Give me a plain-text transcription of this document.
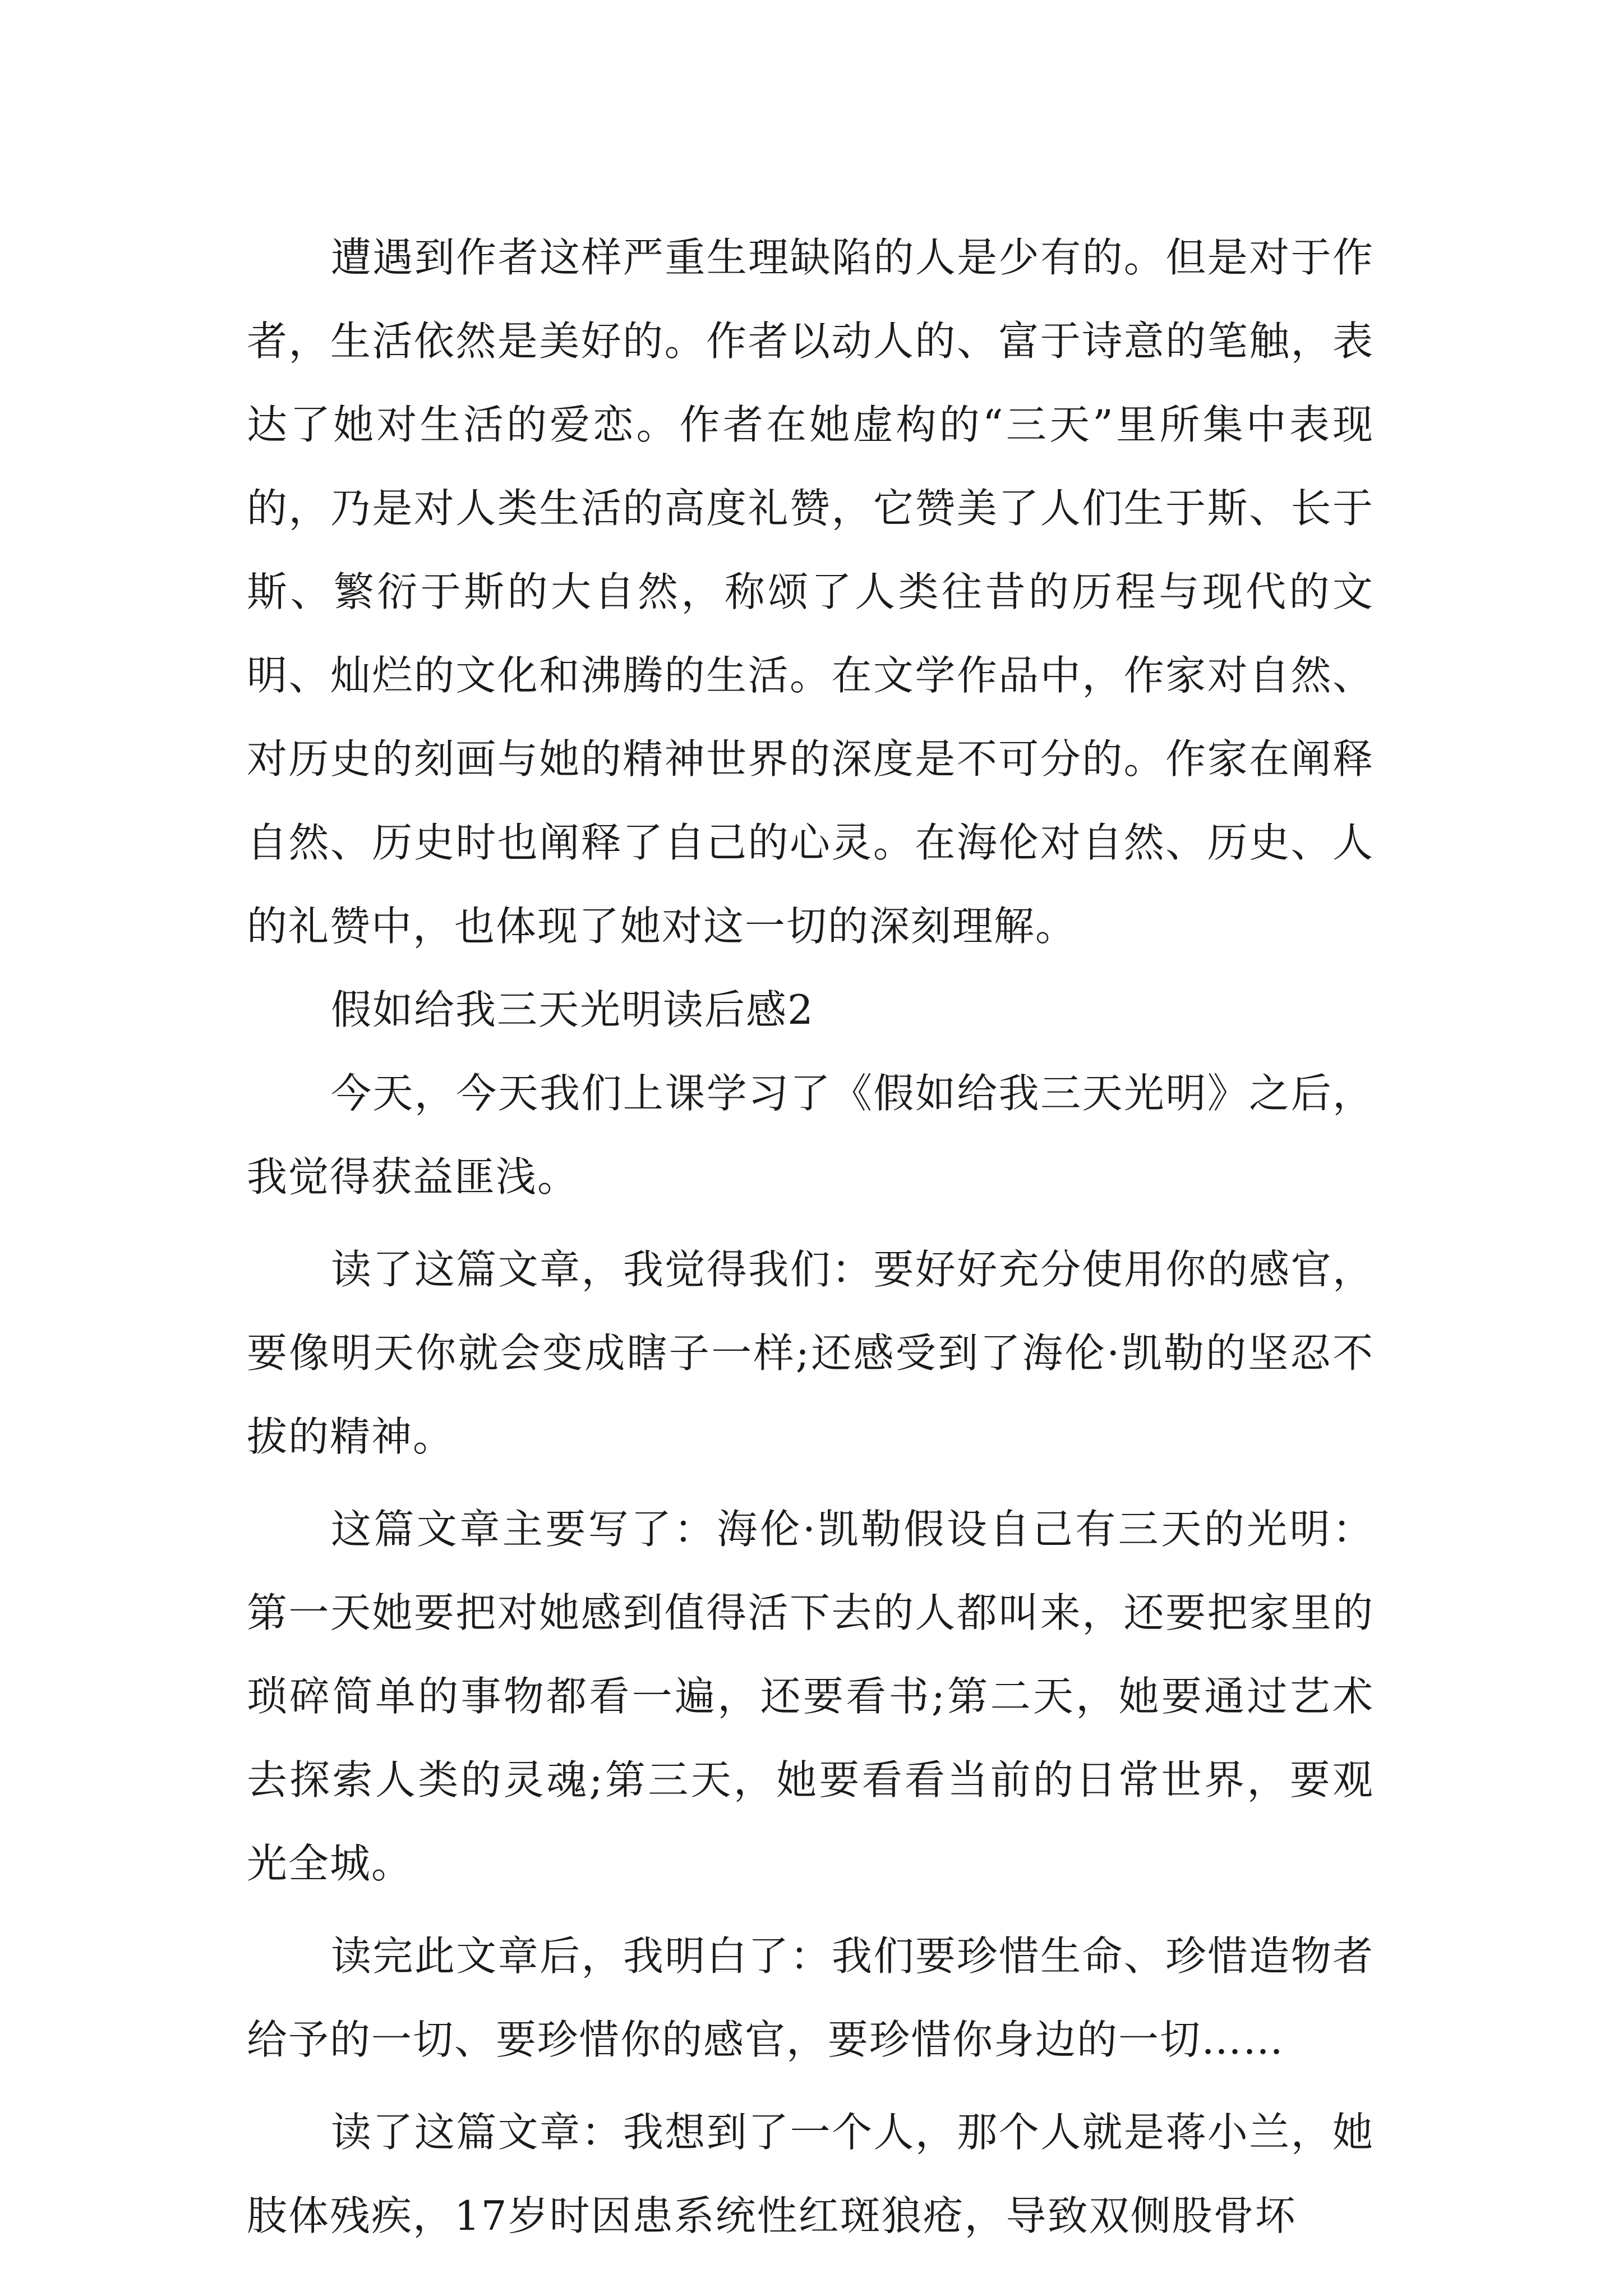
遭遇到作者这样严重生理缺陷的人是少有的。但是对于作者，生活依然是美好的。作者以动人的、富于诗意的笔触，表达了她对生活的爱恋。作者在她虚构的“三天”里所集中表现的，乃是对人类生活的高度礼赞，它赞美了人们生于斯、长于斯、繁衍于斯的大自然，称颂了人类往昔的历程与现代的文明、灿烂的文化和沸腾的生活。在文学作品中，作家对自然、对历史的刻画与她的精神世界的深度是不可分的。作家在阐释自然、历史时也阐释了自己的心灵。在海伦对自然、历史、人的礼赞中，也体现了她对这一切的深刻理解。

假如给我三天光明读后感2

今天，今天我们上课学习了《假如给我三天光明》之后，我觉得获益匪浅。

读了这篇文章，我觉得我们：要好好充分使用你的感官，要像明天你就会变成瞎子一样;还感受到了海伦·凯勒的坚忍不拔的精神。

这篇文章主要写了：海伦·凯勒假设自己有三天的光明：第一天她要把对她感到值得活下去的人都叫来，还要把家里的琐碎简单的事物都看一遍，还要看书;第二天，她要通过艺术去探索人类的灵魂;第三天，她要看看当前的日常世界，要观光全城。

读完此文章后，我明白了：我们要珍惜生命、珍惜造物者给予的一切、要珍惜你的感官，要珍惜你身边的一切……

读了这篇文章：我想到了一个人，那个人就是蒋小兰，她肢体残疾，17岁时因患系统性红斑狼疮，导致双侧股骨坏
